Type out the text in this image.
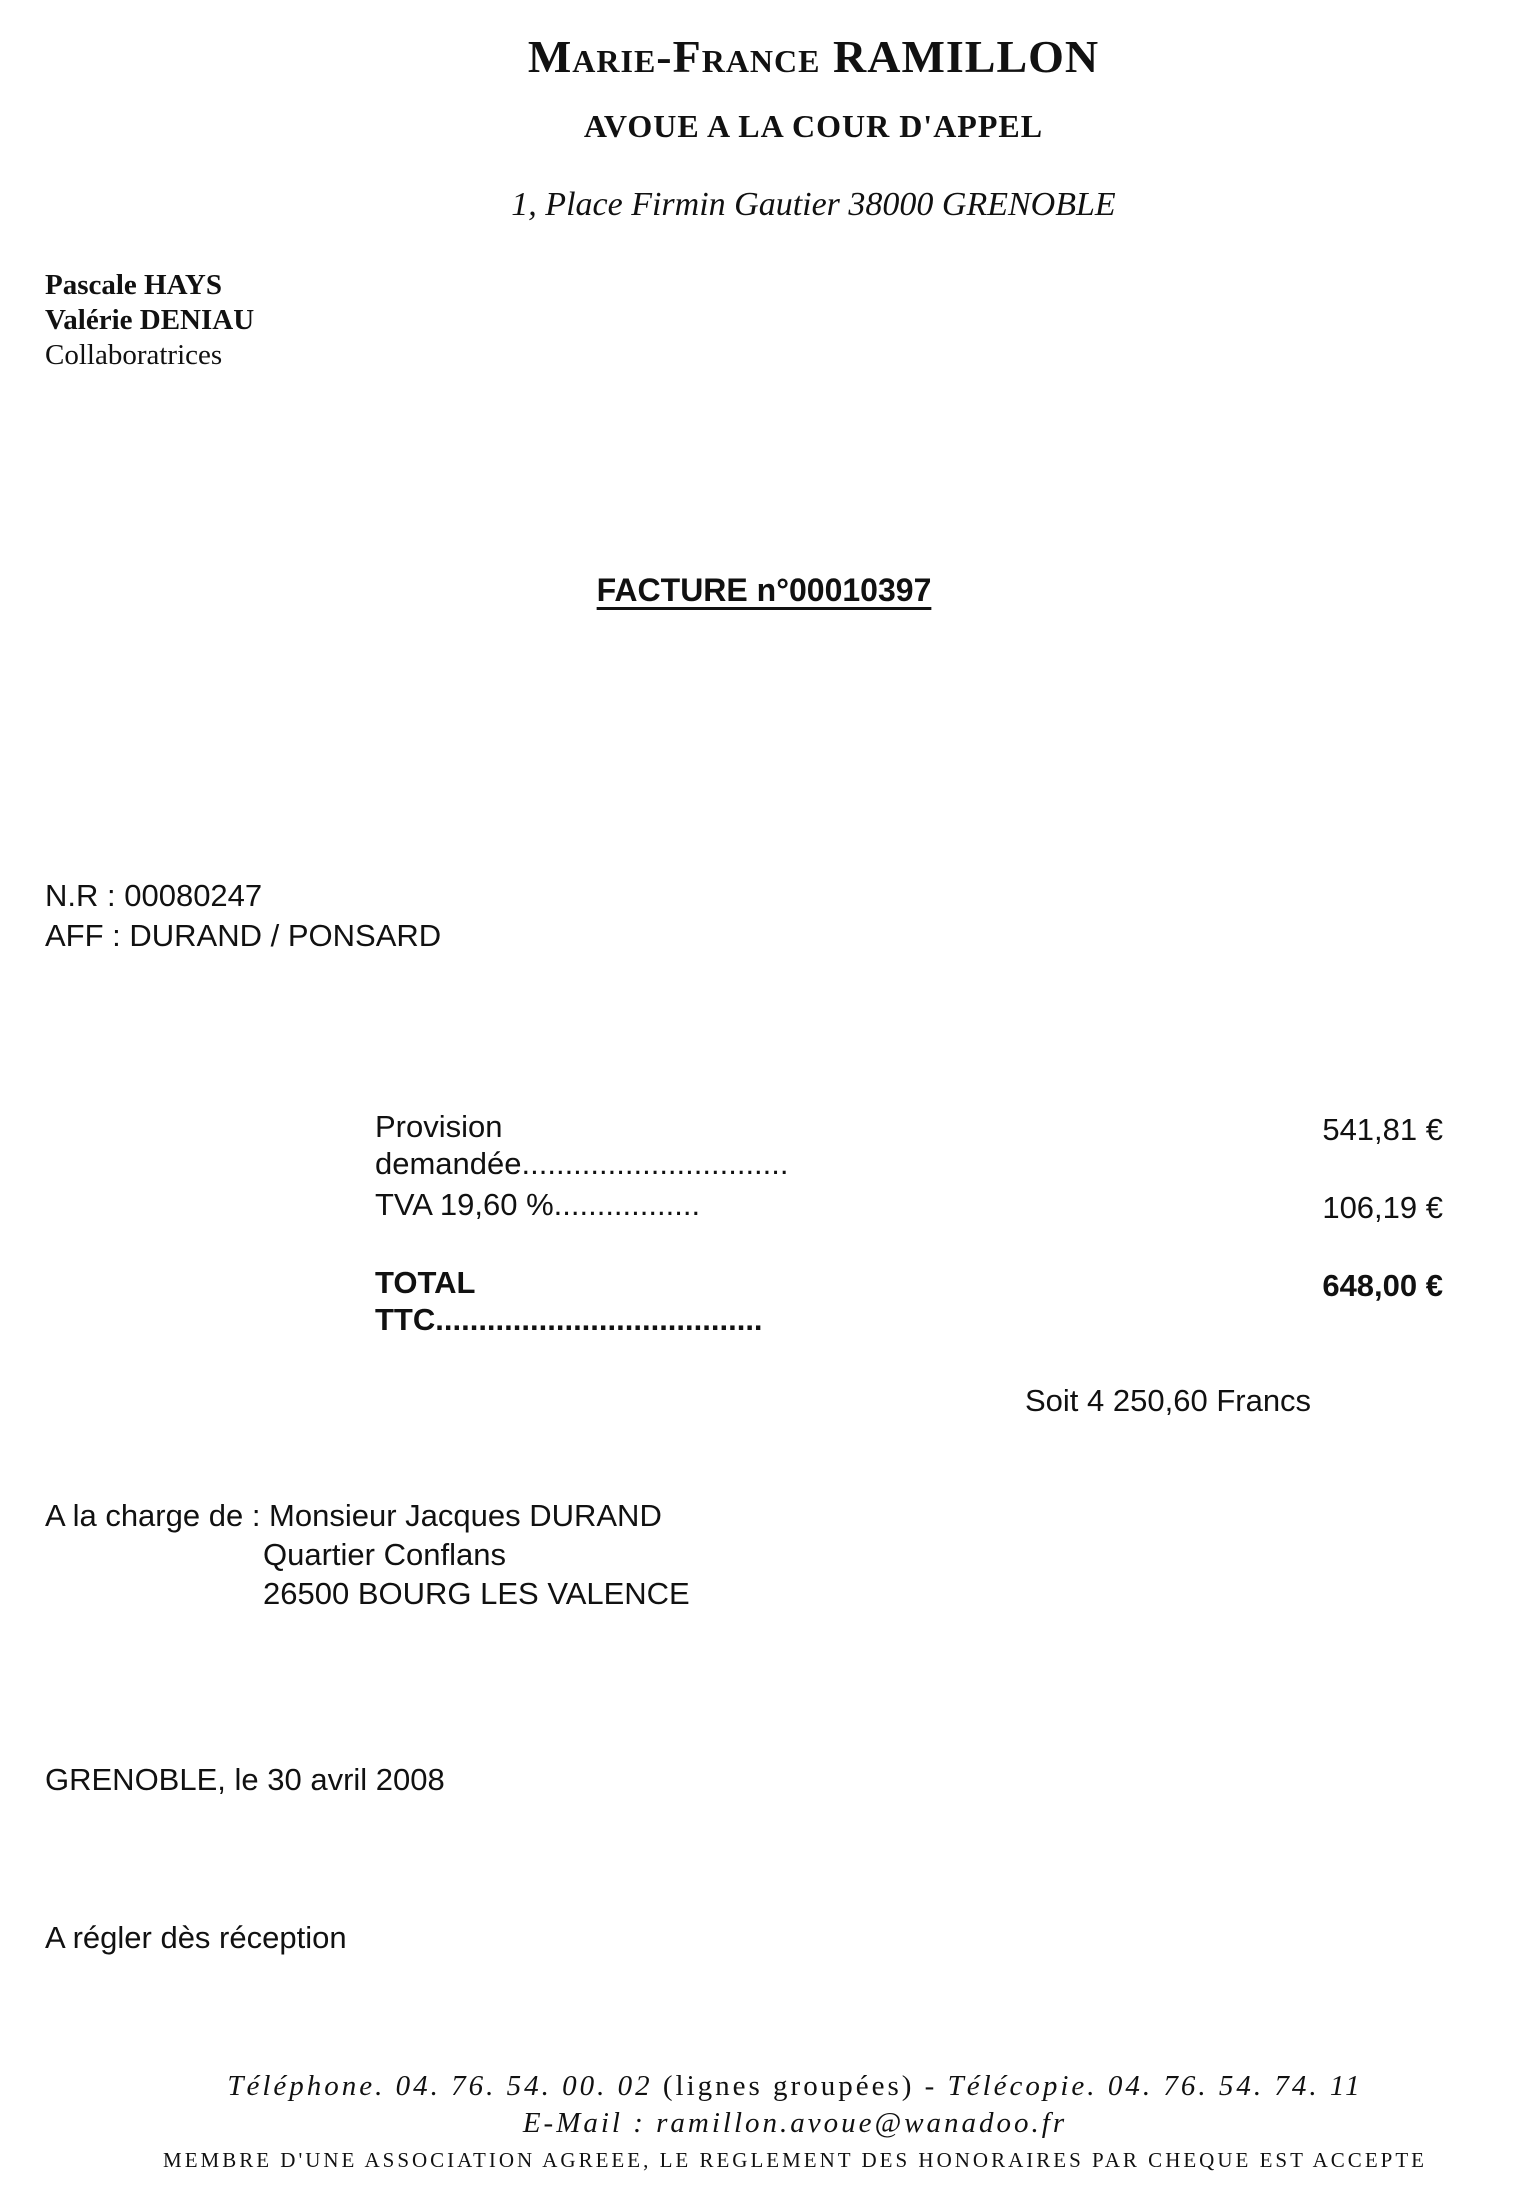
Marie-France RAMILLON
AVOUE A LA COUR D'APPEL
1, Place Firmin Gautier 38000 GRENOBLE
Pascale HAYS
Valérie DENIAU
Collaboratrices
FACTURE n°00010397
N.R : 00080247
AFF : DURAND / PONSARD
Provision
demandée...............................
541,81 €
TVA 19,60 %.................	106,19 €
TOTAL
TTC......................................
648,00 €
Soit 4 250,60 Francs
A la charge de : Monsieur Jacques DURAND
Quartier Conflans
26500 BOURG LES VALENCE
GRENOBLE, le 30 avril 2008
A régler dès réception
Téléphone. 04. 76. 54. 00. 02 (lignes groupées) - Télécopie. 04. 76. 54. 74. 11
E-Mail : ramillon.avoue@wanadoo.fr
MEMBRE D'UNE ASSOCIATION AGREEE, LE REGLEMENT DES HONORAIRES PAR CHEQUE EST ACCEPTE
